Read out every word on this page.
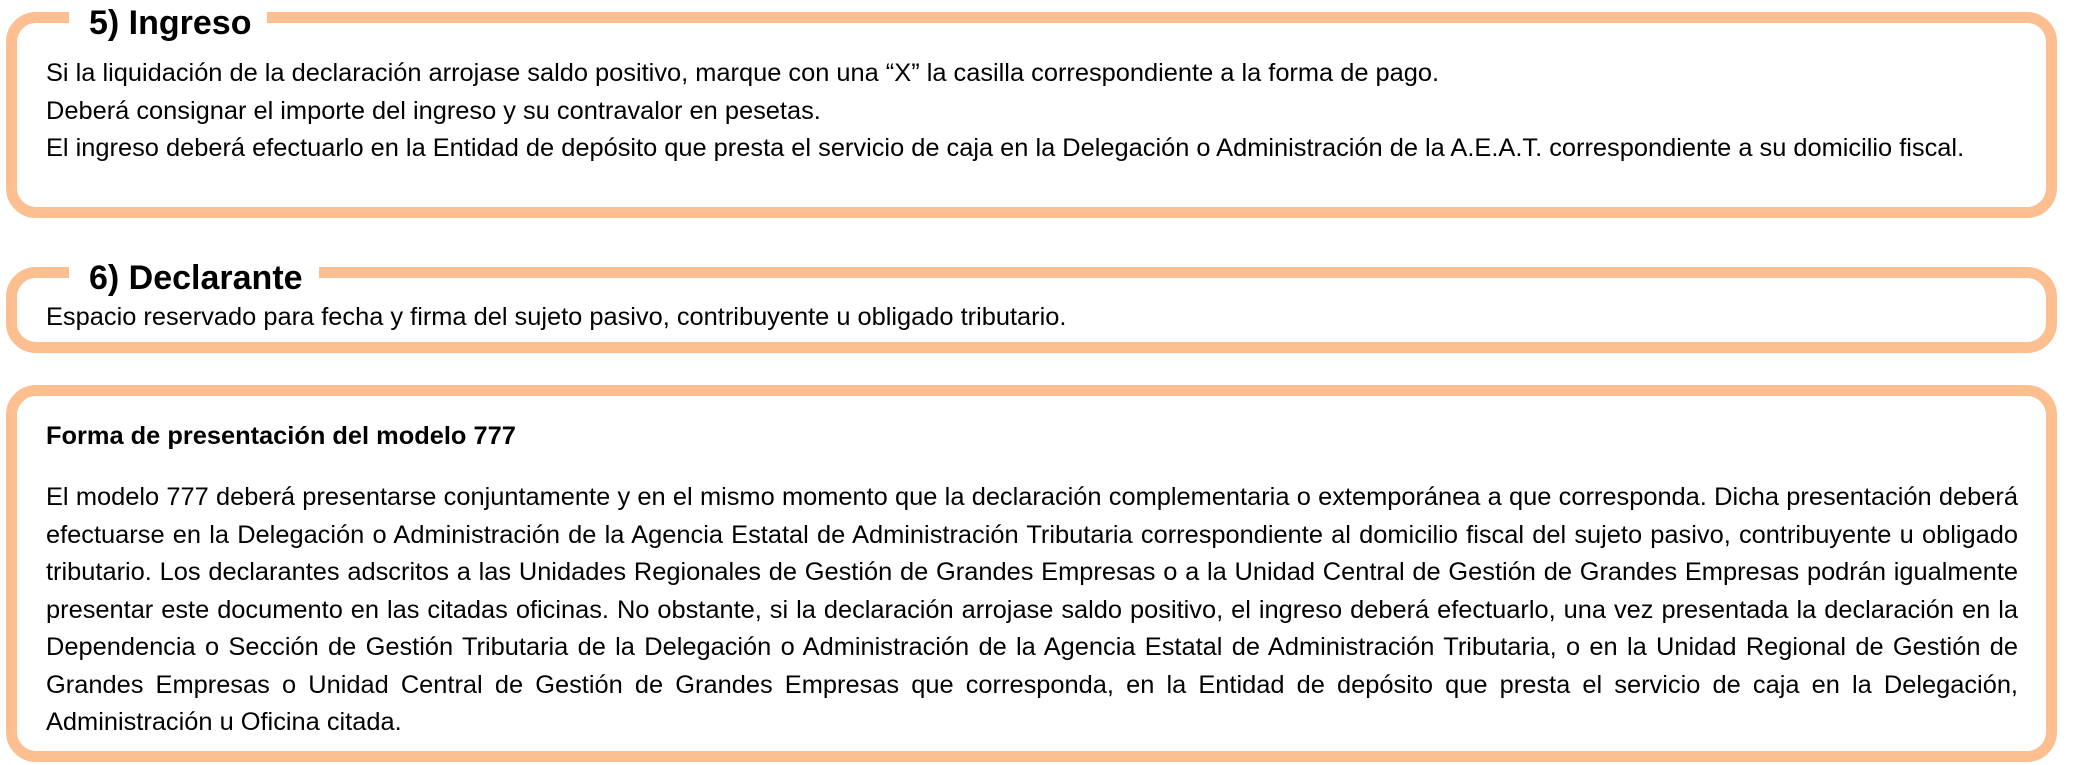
5) Ingreso
Si la liquidación de la declaración arrojase saldo positivo, marque con una “X” la casilla correspondiente a la forma de pago.
Deberá consignar el importe del ingreso y su contravalor en pesetas.
El ingreso deberá efectuarlo en la Entidad de depósito que presta el servicio de caja en la Delegación o Administración de la A.E.A.T. correspondiente a su domicilio fiscal.
6) Declarante
Espacio reservado para fecha y firma del sujeto pasivo, contribuyente u obligado tributario.
Forma de presentación del modelo 777
El modelo 777 deberá presentarse conjuntamente y en el mismo momento que la declaración complementaria o extemporánea a que corresponda. Dicha presentación deberá efectuarse en la Delegación o Administración de la Agencia Estatal de Administración Tributaria correspondiente al domicilio fiscal del sujeto pasivo, contribuyente u obligado tributario. Los declarantes adscritos a las Unidades Regionales de Gestión de Grandes Empresas o a la Unidad Central de Gestión de Grandes Empresas podrán igualmente presentar este documento en las citadas oficinas. No obstante, si la declaración arrojase saldo positivo, el ingreso deberá efectuarlo, una vez presentada la declaración en la Dependencia o Sección de Gestión Tributaria de la Delegación o Administración de la Agencia Estatal de Administración Tributaria, o en la Unidad Regional de Gestión de Grandes Empresas o Unidad Central de Gestión de Grandes Empresas que corresponda, en la Entidad de depósito que presta el servicio de caja en la Delegación, Administración u Oficina citada.
